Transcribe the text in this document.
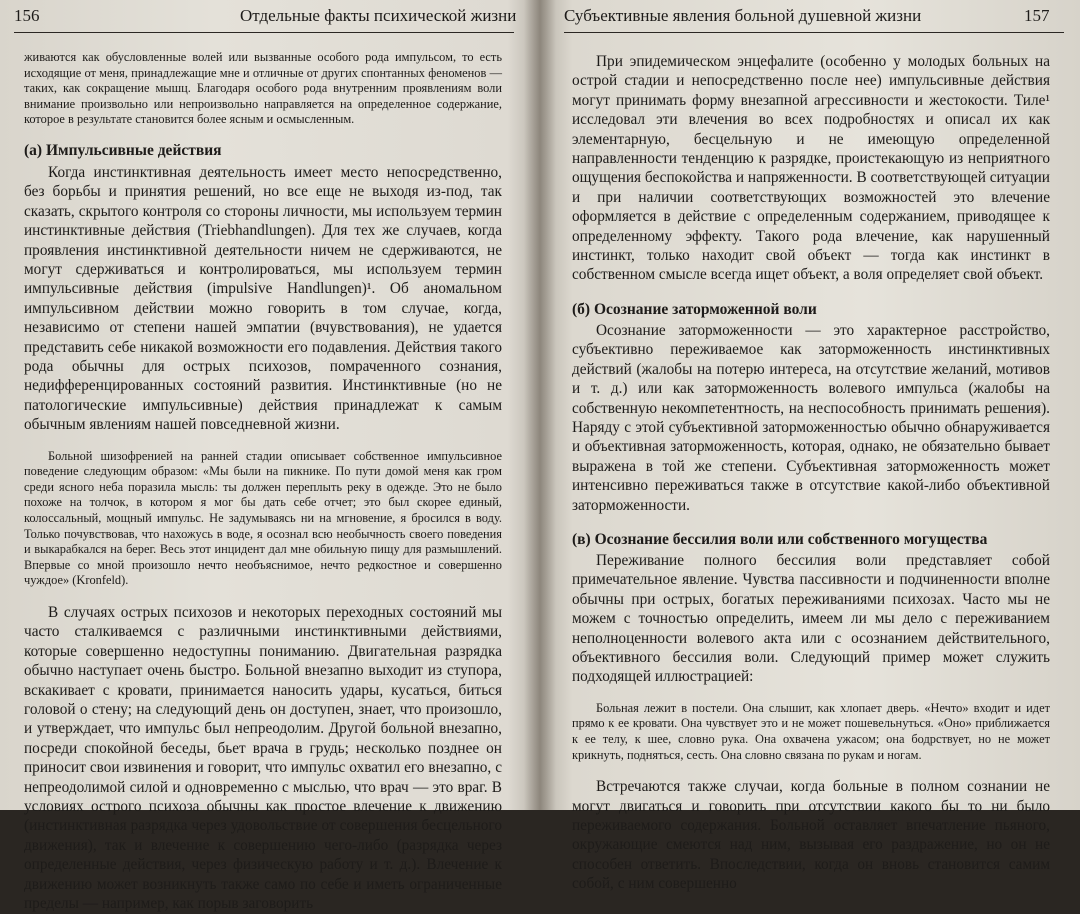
156	Отдельные факты психической жизни

живаются как обусловленные волей или вызванные особого рода импульсом, то есть исходящие от меня, принадлежащие мне и отличные от других спонтанных феноменов — таких, как сокращение мышц. Благодаря особого рода внутренним проявлениям воли внимание произвольно или непроизвольно направляется на определенное содержание, которое в результате становится более ясным и осмысленным.

(а) Импульсивные действия

Когда инстинктивная деятельность имеет место непосредственно, без борьбы и принятия решений, но все еще не выходя из-под, так сказать, скрытого контроля со стороны личности, мы используем термин инстинктивные действия (Triebhandlungen). Для тех же случаев, когда проявления инстинктивной деятельности ничем не сдерживаются, не могут сдерживаться и контролироваться, мы используем термин импульсивные действия (impulsive Handlungen)¹. Об аномальном импульсивном действии можно говорить в том случае, когда, независимо от степени нашей эмпатии (вчувствования), не удается представить себе никакой возможности его подавления. Действия такого рода обычны для острых психозов, помраченного сознания, недифференцированных состояний развития. Инстинктивные (но не патологические импульсивные) действия принадлежат к самым обычным явлениям нашей повседневной жизни.

Больной шизофренией на ранней стадии описывает собственное импульсивное поведение следующим образом: «Мы были на пикнике. По пути домой меня как гром среди ясного неба поразила мысль: ты должен переплыть реку в одежде. Это не было похоже на толчок, в котором я мог бы дать себе отчет; это был скорее единый, колоссальный, мощный импульс. Не задумываясь ни на мгновение, я бросился в воду. Только почувствовав, что нахожусь в воде, я осознал всю необычность своего поведения и выкарабкался на берег. Весь этот инцидент дал мне обильную пищу для размышлений. Впервые со мной произошло нечто необъяснимое, нечто редкостное и совершенно чуждое» (Kronfeld).

В случаях острых психозов и некоторых переходных состояний мы часто сталкиваемся с различными инстинктивными действиями, которые совершенно недоступны пониманию. Двигательная разрядка обычно наступает очень быстро. Больной внезапно выходит из ступора, вскакивает с кровати, принимается наносить удары, кусаться, биться головой о стену; на следующий день он доступен, знает, что произошло, и утверждает, что импульс был непреодолим. Другой больной внезапно, посреди спокойной беседы, бьет врача в грудь; несколько позднее он приносит свои извинения и говорит, что импульс охватил его внезапно, с непреодолимой силой и одновременно с мыслью, что врач — это враг. В условиях острого психоза обычны как простое влечение к движению (инстинктивная разрядка через удовольствие от совершения бесцельного движения), так и влечение к совершению чего-либо (разрядка через определенные действия, через физическую работу и т. д.). Влечение к движению может возникнуть также само по себе и иметь ограниченные пределы — например, как порыв заговорить

Субъективные явления больной душевной жизни	157

При эпидемическом энцефалите (особенно у молодых больных на острой стадии и непосредственно после нее) импульсивные действия могут принимать форму внезапной агрессивности и жестокости. Тиле¹ исследовал эти влечения во всех подробностях и описал их как элементарную, бесцельную и не имеющую определенной направленности тенденцию к разрядке, проистекающую из неприятного ощущения беспокойства и напряженности. В соответствующей ситуации и при наличии соответствующих возможностей это влечение оформляется в действие с определенным содержанием, приводящее к определенному эффекту. Такого рода влечение, как нарушенный инстинкт, только находит свой объект — тогда как инстинкт в собственном смысле всегда ищет объект, а воля определяет свой объект.

(б) Осознание заторможенной воли

Осознание заторможенности — это характерное расстройство, субъективно переживаемое как заторможенность инстинктивных действий (жалобы на потерю интереса, на отсутствие желаний, мотивов и т. д.) или как заторможенность волевого импульса (жалобы на собственную некомпетентность, на неспособность принимать решения). Наряду с этой субъективной заторможенностью обычно обнаруживается и объективная заторможенность, которая, однако, не обязательно бывает выражена в той же степени. Субъективная заторможенность может интенсивно переживаться также в отсутствие какой-либо объективной заторможенности.

(в) Осознание бессилия воли или собственного могущества

Переживание полного бессилия воли представляет собой примечательное явление. Чувства пассивности и подчиненности вполне обычны при острых, богатых переживаниями психозах. Часто мы не можем с точностью определить, имеем ли мы дело с переживанием неполноценности волевого акта или с осознанием действительного, объективного бессилия воли. Следующий пример может служить подходящей иллюстрацией:

Больная лежит в постели. Она слышит, как хлопает дверь. «Нечто» входит и идет прямо к ее кровати. Она чувствует это и не может пошевельнуться. «Оно» приближается к ее телу, к шее, словно рука. Она охвачена ужасом; она бодрствует, но не может крикнуть, подняться, сесть. Она словно связана по рукам и ногам.

Встречаются также случаи, когда больные в полном сознании не могут двигаться и говорить при отсутствии какого бы то ни было переживаемого содержания. Больной оставляет впечатление пьяного, окружающие смеются над ним, вызывая его раздражение, но он не способен ответить. Впоследствии, когда он вновь становится самим собой, с ним совершенно
